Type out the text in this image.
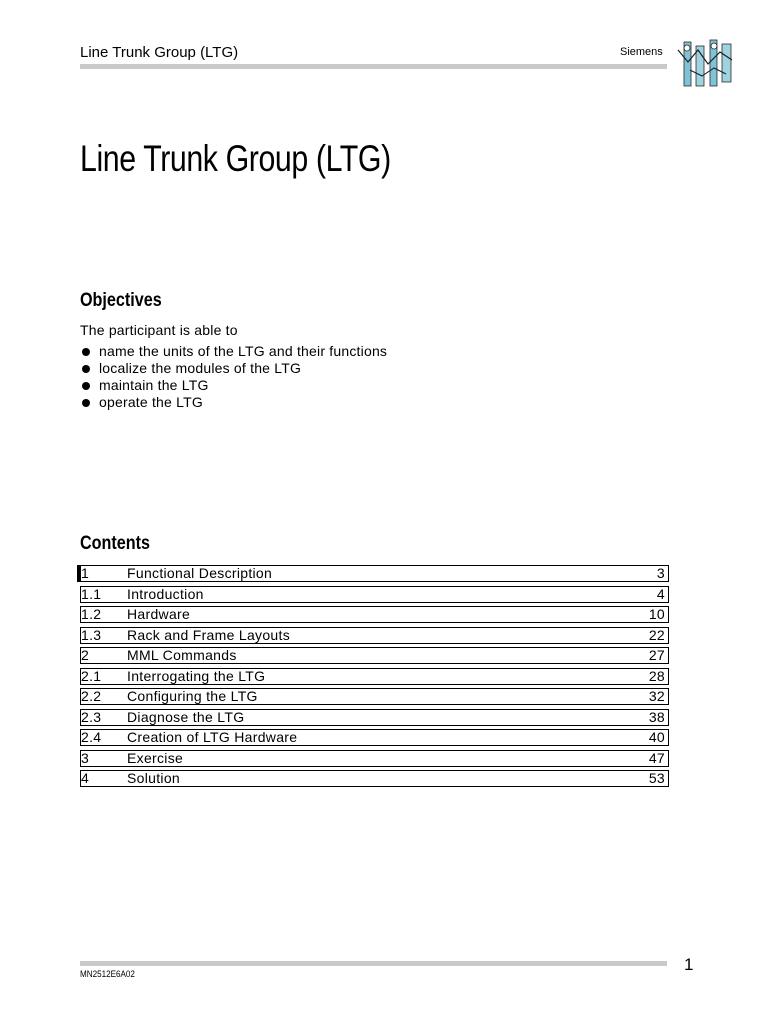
Line Trunk Group (LTG)	Siemens
Line Trunk Group (LTG)
Objectives
The participant is able to
name the units of the LTG and their functions
localize the modules of the LTG
maintain the LTG
operate the LTG
Contents
1	Functional Description	3
1.1 Introduction	4
1.2 Hardware	10
1.3 Rack and Frame Layouts	22
2	MML Commands	27
2.1 Interrogating the LTG	28
2.2 Configuring the LTG	32
2.3 Diagnose the LTG	38
2.4 Creation of LTG Hardware	40
3	Exercise	47
4	Solution	53
MN2512E6A02	1
